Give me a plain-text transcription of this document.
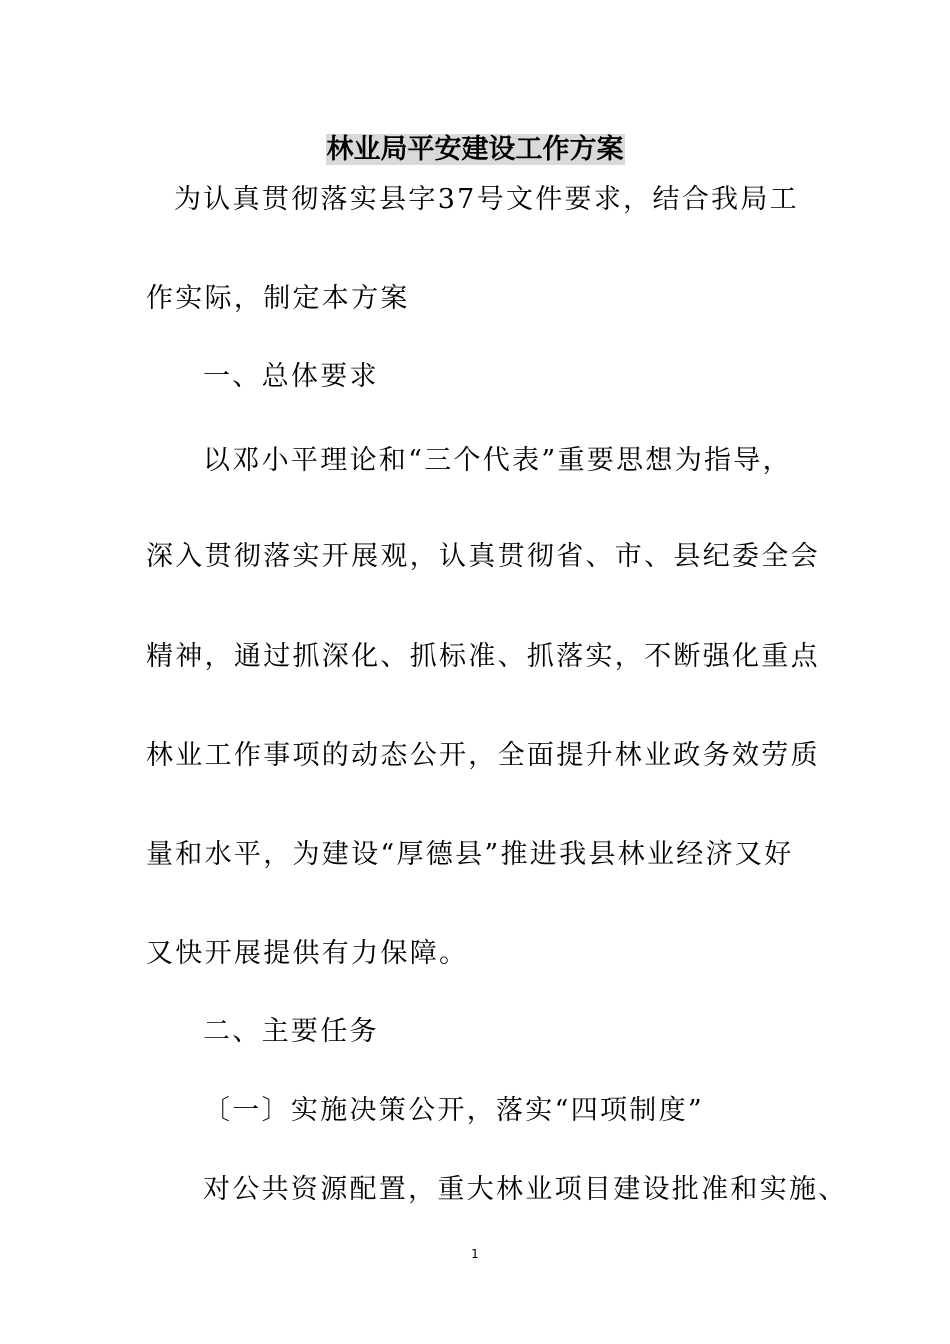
林业局平安建设工作方案
为认真贯彻落实县字37号文件要求，结合我局工
作实际，制定本方案
一、总体要求
以邓小平理论和“三个代表”重要思想为指导，
深入贯彻落实开展观，认真贯彻省、市、县纪委全会
精神，通过抓深化、抓标准、抓落实，不断强化重点
林业工作事项的动态公开，全面提升林业政务效劳质
量和水平，为建设“厚德县”推进我县林业经济又好
又快开展提供有力保障。
二、主要任务
〔一〕实施决策公开，落实“四项制度”
对公共资源配置，重大林业项目建设批准和实施、
1
